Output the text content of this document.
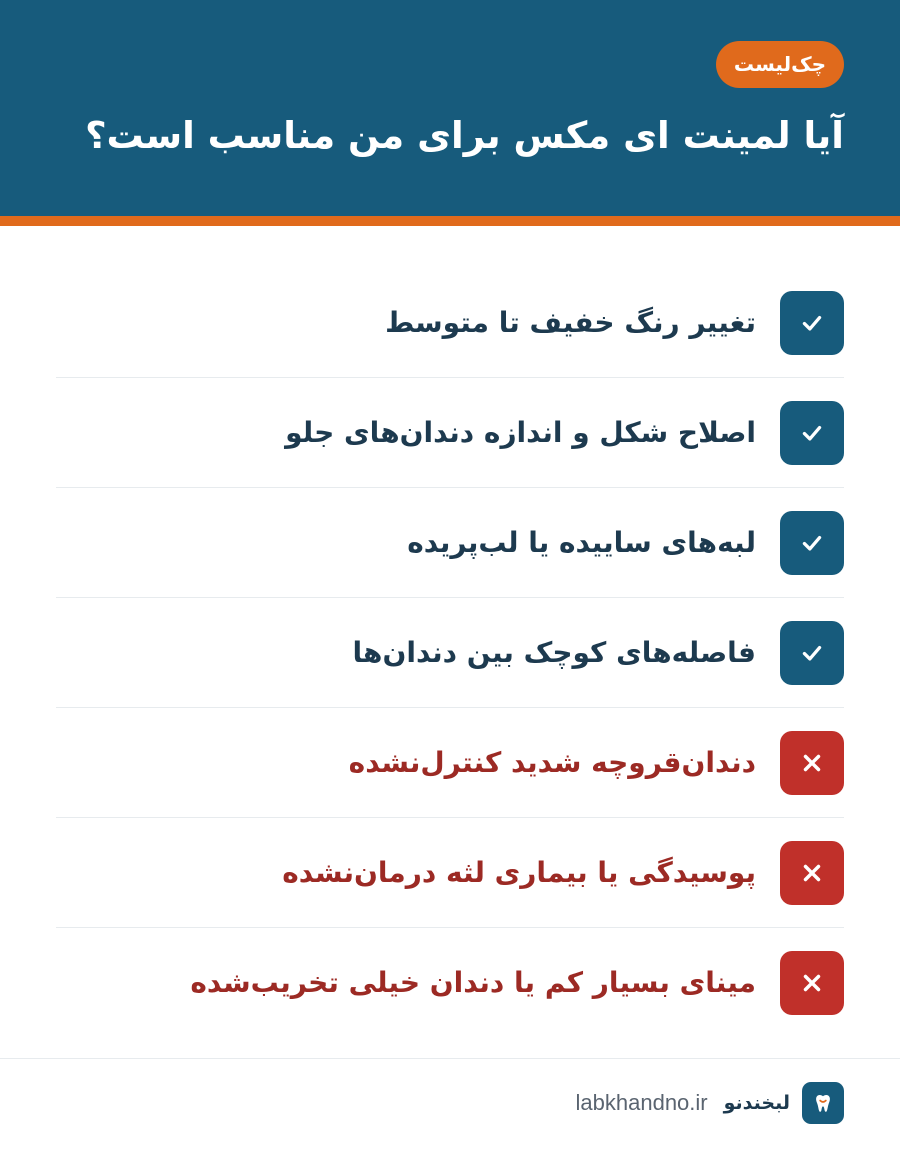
چک‌لیست
آیا لمینت ای مکس برای من مناسب است؟
تغییر رنگ خفیف تا متوسط
اصلاح شکل و اندازه دندان‌های جلو
لبه‌های ساییده یا لب‌پریده
فاصله‌های کوچک بین دندان‌ها
دندان‌قروچه شدید کنترل‌نشده
پوسیدگی یا بیماری لثه درمان‌نشده
مینای بسیار کم یا دندان خیلی تخریب‌شده
لبخندنو
labkhandno.ir
